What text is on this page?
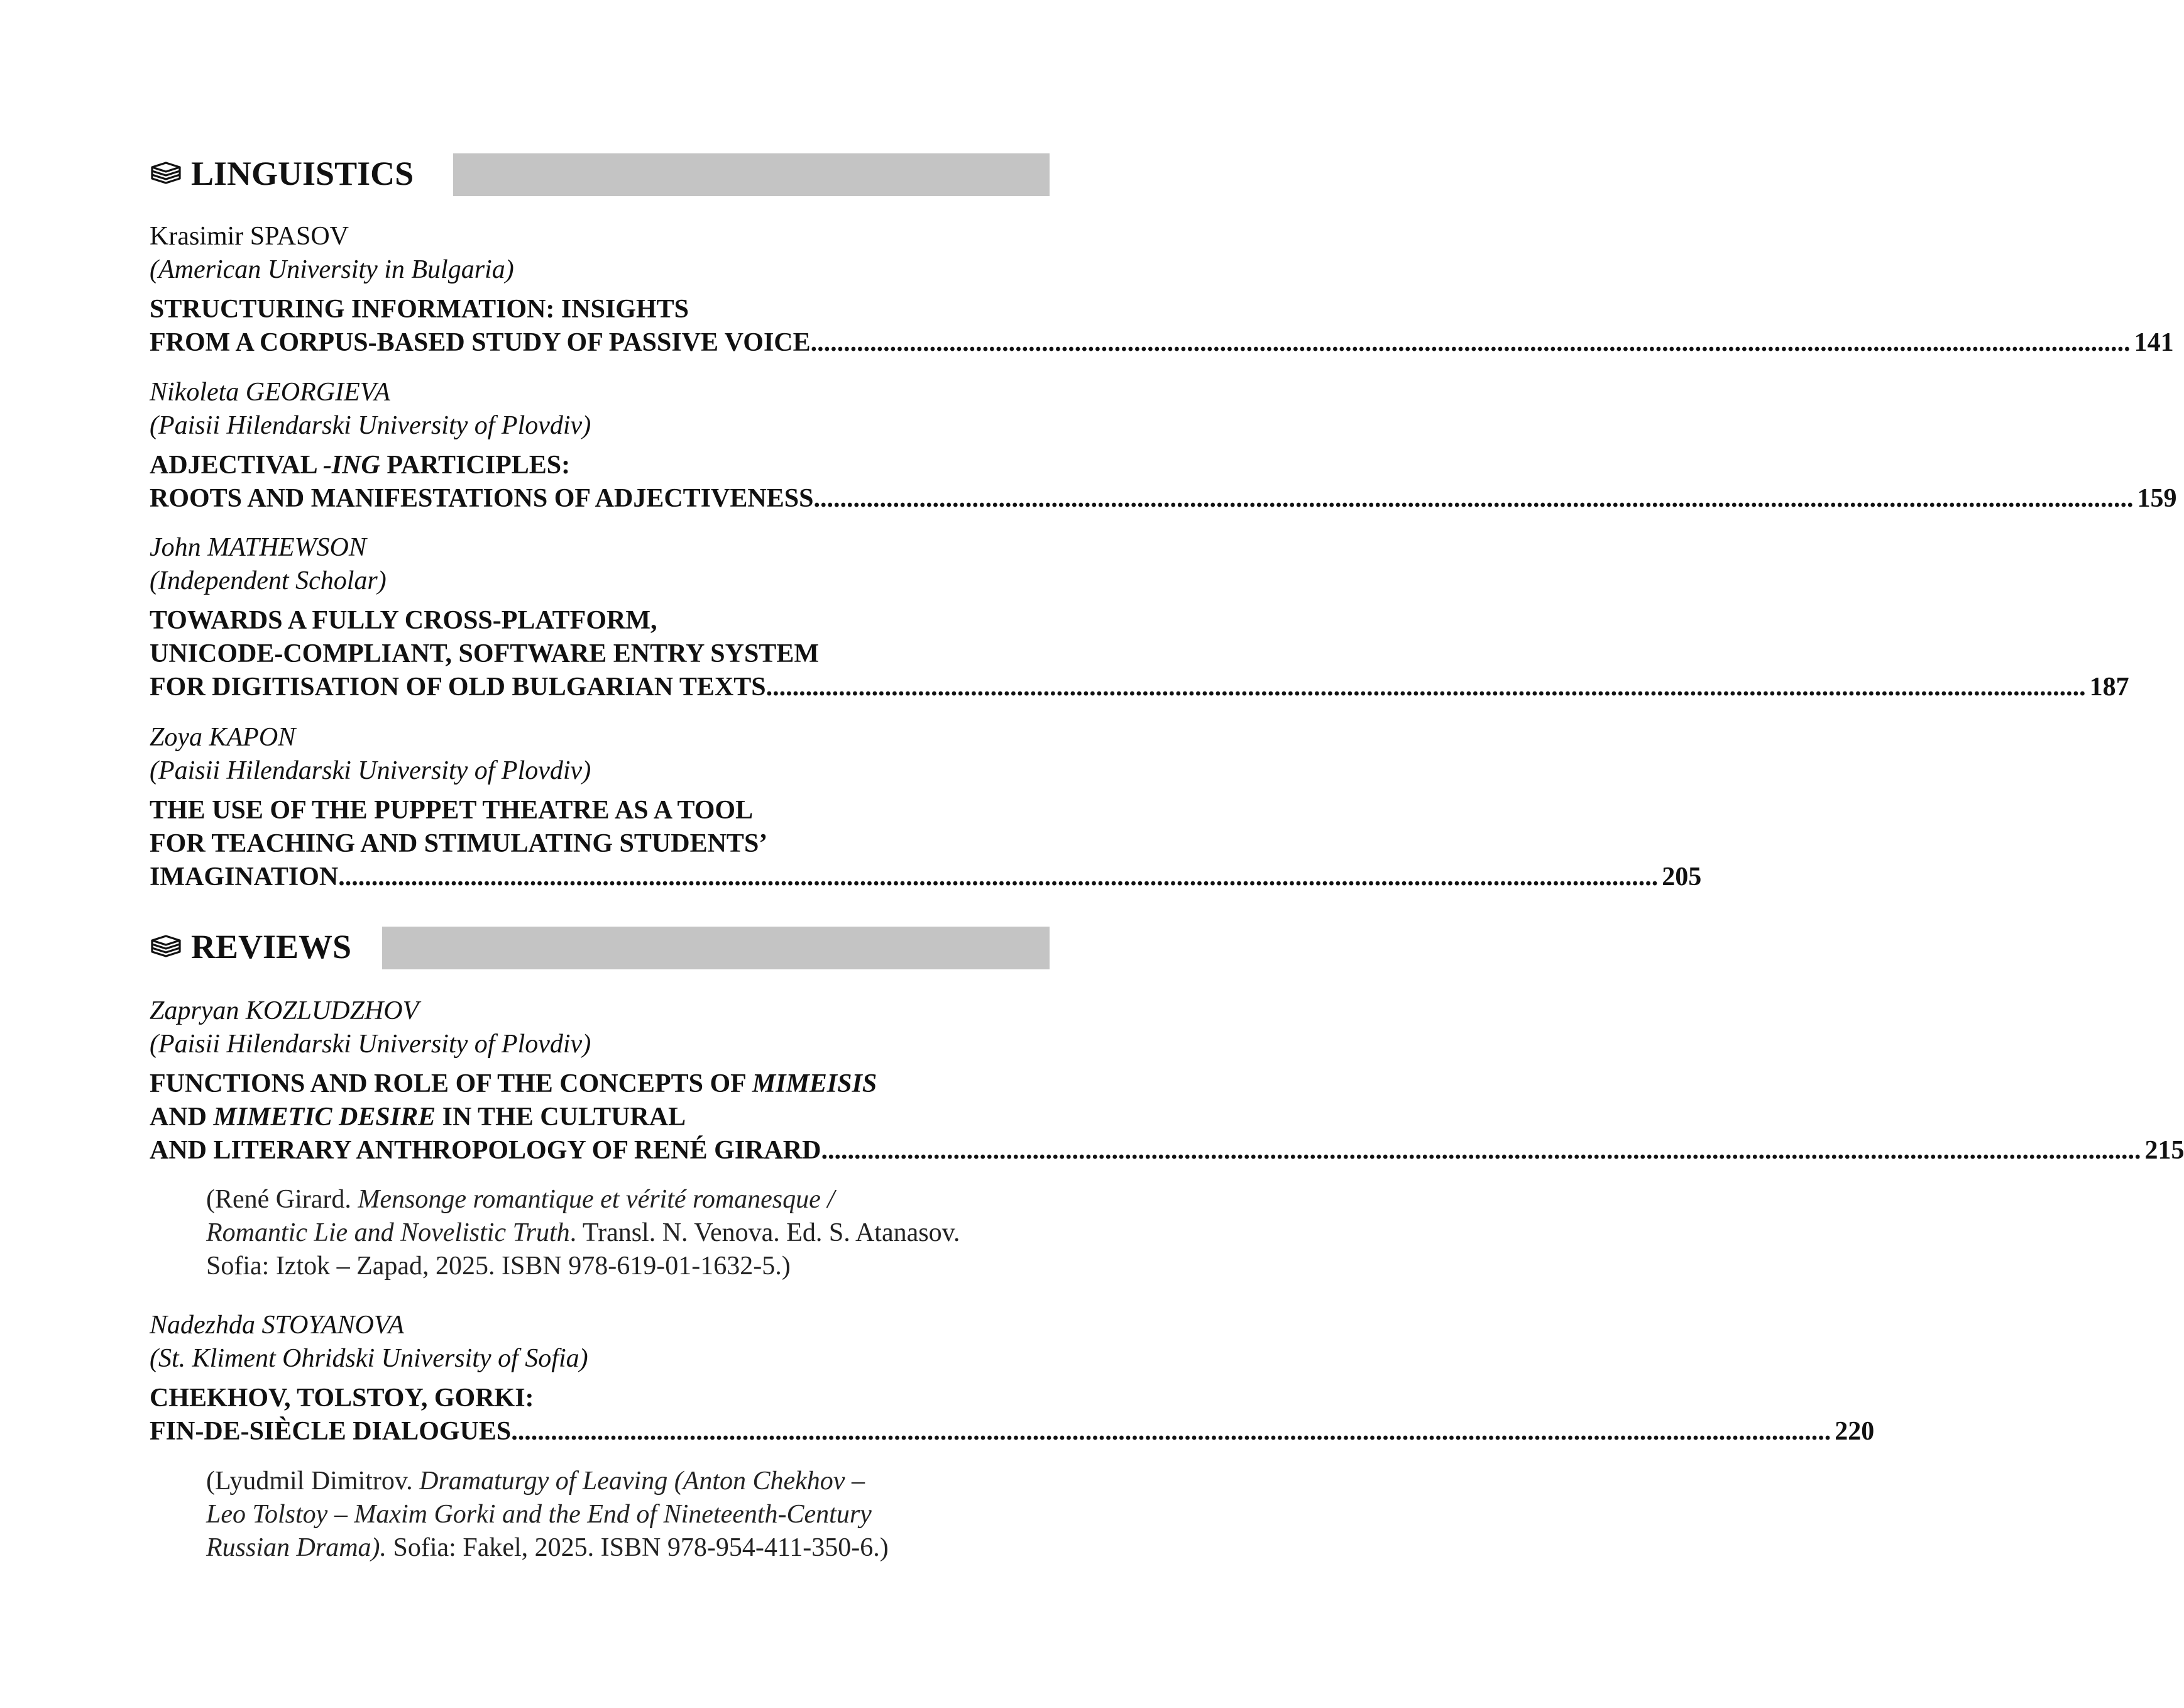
LINGUISTICS
Krasimir SPASOV
(American University in Bulgaria)
STRUCTURING INFORMATION: INSIGHTS
FROM A CORPUS-BASED STUDY OF PASSIVE VOICE ........................................................................................................................................................................................................ 141
Nikoleta GEORGIEVA
(Paisii Hilendarski University of Plovdiv)
ADJECTIVAL -ING PARTICIPLES:
ROOTS AND MANIFESTATIONS OF ADJECTIVENESS ........................................................................................................................................................................................................ 159
John MATHEWSON
(Independent Scholar)
TOWARDS A FULLY CROSS-PLATFORM,
UNICODE-COMPLIANT, SOFTWARE ENTRY SYSTEM
FOR DIGITISATION OF OLD BULGARIAN TEXTS ........................................................................................................................................................................................................ 187
Zoya KAPON
(Paisii Hilendarski University of Plovdiv)
THE USE OF THE PUPPET THEATRE AS A TOOL
FOR TEACHING AND STIMULATING STUDENTS’
IMAGINATION ........................................................................................................................................................................................................ 205
REVIEWS
Zapryan KOZLUDZHOV
(Paisii Hilendarski University of Plovdiv)
FUNCTIONS AND ROLE OF THE CONCEPTS OF MIMEISIS
AND MIMETIC DESIRE IN THE CULTURAL
AND LITERARY ANTHROPOLOGY OF RENÉ GIRARD ........................................................................................................................................................................................................ 215
(René Girard. Mensonge romantique et vérité romanesque /
Romantic Lie and Novelistic Truth. Transl. N. Venova. Ed. S. Atanasov.
Sofia: Iztok – Zapad, 2025. ISBN 978-619-01-1632-5.)
Nadezhda STOYANOVA
(St. Kliment Ohridski University of Sofia)
CHEKHOV, TOLSTOY, GORKI:
FIN-DE-SIÈCLE DIALOGUES ........................................................................................................................................................................................................ 220
(Lyudmil Dimitrov. Dramaturgy of Leaving (Anton Chekhov –
Leo Tolstoy – Maxim Gorki and the End of Nineteenth-Century
Russian Drama). Sofia: Fakel, 2025. ISBN 978-954-411-350-6.)
